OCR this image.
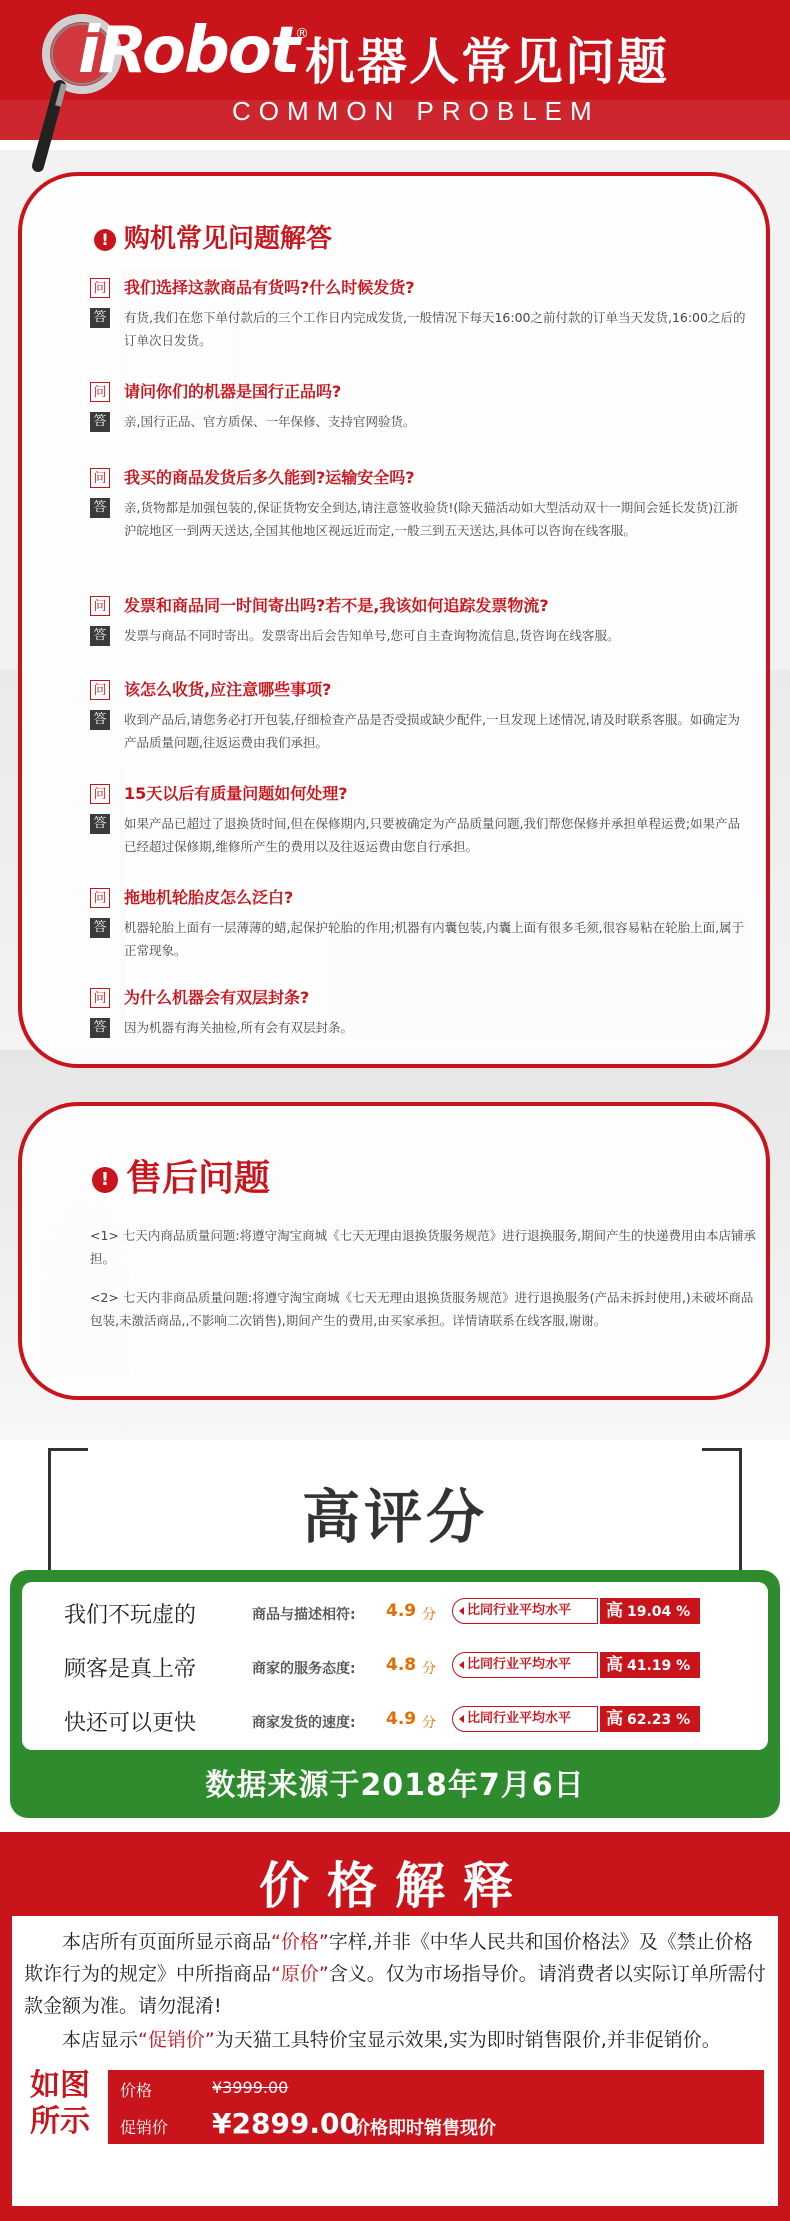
iRobot
®
机器人常见问题
COMMON PROBLEM
! 购机常见问题解答
问 我们选择这款商品有货吗?什么时候发货?
答 有货,我们在您下单付款后的三个工作日内完成发货,一般情况下每天16:00之前付款的订单当天发货,16:00之后的订单次日发货。
问 请问你们的机器是国行正品吗?
答 亲,国行正品、官方质保、一年保修、支持官网验货。
问 我买的商品发货后多久能到?运输安全吗?
答 亲,货物都是加强包装的,保证货物安全到达,请注意签收验货!(除天猫活动如大型活动双十一期间会延长发货)江浙沪皖地区一到两天送达,全国其他地区视远近而定,一般三到五天送达,具体可以咨询在线客服。
问 发票和商品同一时间寄出吗?若不是,我该如何追踪发票物流?
答 发票与商品不同时寄出。发票寄出后会告知单号,您可自主查询物流信息,货咨询在线客服。
问 该怎么收货,应注意哪些事项?
答 收到产品后,请您务必打开包装,仔细检查产品是否受损或缺少配件,一旦发现上述情况,请及时联系客服。如确定为产品质量问题,往返运费由我们承担。
问 15天以后有质量问题如何处理?
答 如果产品已超过了退换货时间,但在保修期内,只要被确定为产品质量问题,我们帮您保修并承担单程运费;如果产品已经超过保修期,维修所产生的费用以及往返运费由您自行承担。
问 拖地机轮胎皮怎么泛白?
答 机器轮胎上面有一层薄薄的蜡,起保护轮胎的作用;机器有内囊包装,内囊上面有很多毛须,很容易粘在轮胎上面,属于正常现象。
问 为什么机器会有双层封条?
答 因为机器有海关抽检,所有会有双层封条。
! 售后问题
<1> 七天内商品质量问题:将遵守淘宝商城《七天无理由退换货服务规范》进行退换服务,期间产生的快递费用由本店铺承担。
<2> 七天内非商品质量问题:将遵守淘宝商城《七天无理由退换货服务规范》进行退换服务(产品未拆封使用,)未破坏商品包装,未激活商品,,不影响二次销售),期间产生的费用,由买家承担。详情请联系在线客服,谢谢。
高评分
我们不玩虚的	商品与描述相符: 4.9 分	比同行业平均水平	高 19.04 %
顾客是真上帝	商家的服务态度: 4.8 分	比同行业平均水平	高 41.19 %
快还可以更快	商家发货的速度: 4.9 分	比同行业平均水平	高 62.23 %
数据来源于2018年7月6日
价格解释
本店所有页面所显示商品“价格”字样,并非《中华人民共和国价格法》及《禁止价格欺诈行为的规定》中所指商品“原价”含义。仅为市场指导价。请消费者以实际订单所需付款金额为准。请勿混淆!
本店显示“促销价”为天猫工具特价宝显示效果,实为即时销售限价,并非促销价。
如图所示
价格	¥3999.00
促销价 ¥2899.00
价格即时销售现价
